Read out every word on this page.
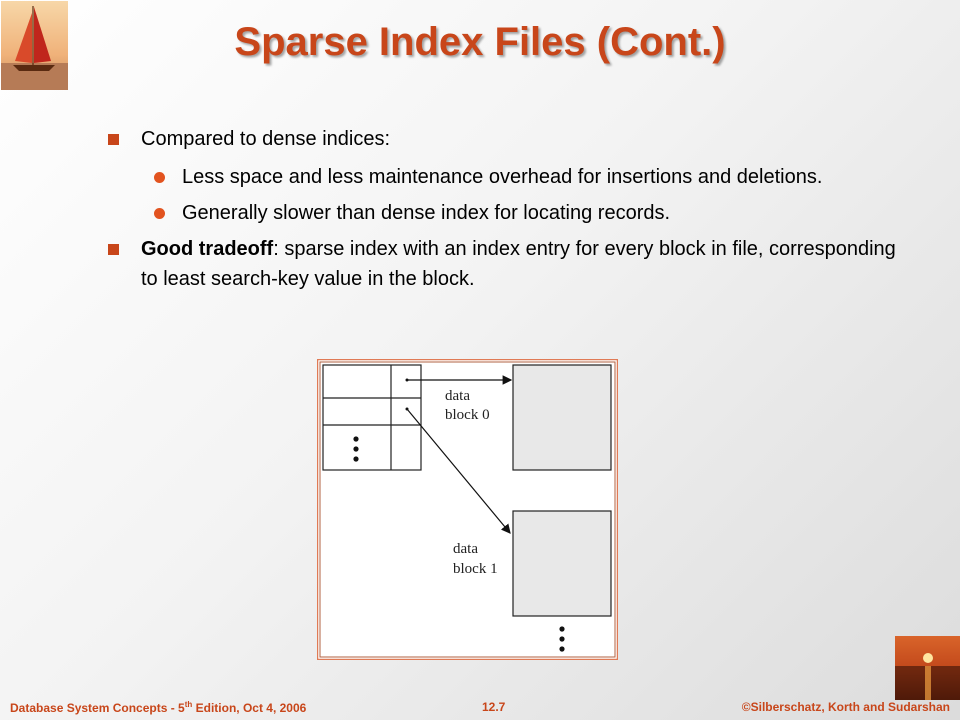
Sparse Index Files (Cont.)
Compared to dense indices:
Less space and less maintenance overhead for insertions and deletions.
Generally slower than dense index for locating records.
Good tradeoff: sparse index with an index entry for every block in file, corresponding to least search-key value in the block.
data
block 0
data
block 1
Database System Concepts - 5th Edition, Oct 4, 2006	12.7	©Silberschatz, Korth and Sudarshan
